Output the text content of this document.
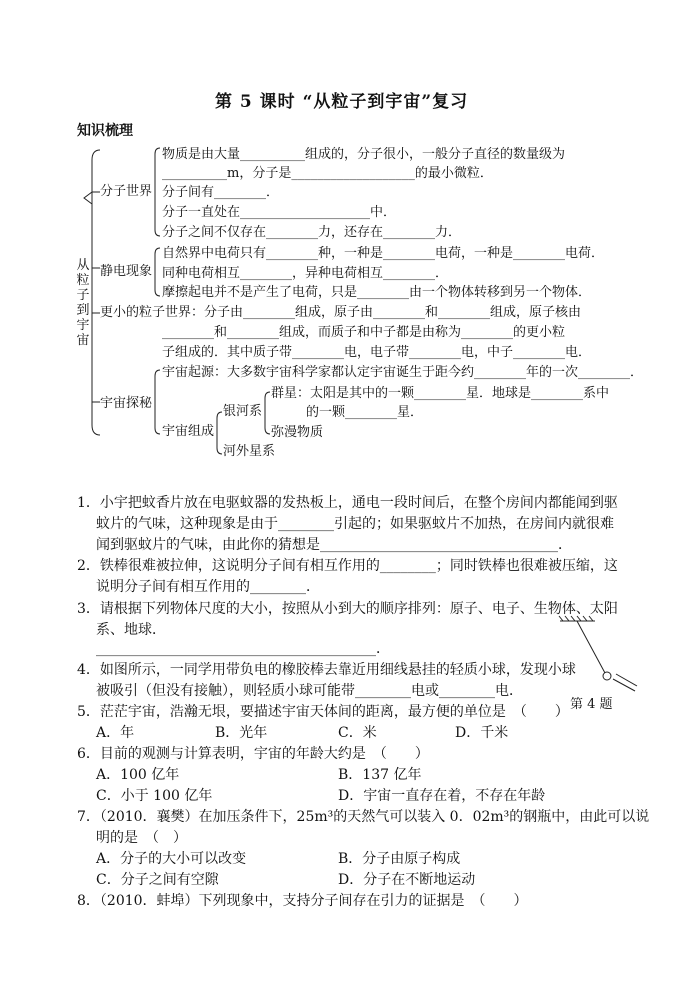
第 5 课时 “从粒子到宇宙”复习
知识梳理
从粒子到宇宙
分子世界
物质是由大量__________组成的，分子很小，一般分子直径的数量级为
__________m，分子是___________________的最小微粒．
分子间有________．
分子一直处在____________________中．
分子之间不仅存在________力，还存在________力．
静电现象
自然界中电荷只有________种，一种是________电荷，一种是________电荷．
同种电荷相互________，异种电荷相互________．
摩擦起电并不是产生了电荷，只是________由一个物体转移到另一个物体．
更小的粒子世界：分子由________组成，原子由________和________组成，原子核由
________和________组成，而质子和中子都是由称为________的更小粒
子组成的．其中质子带________电，电子带________电，中子________电．
宇宙探秘
宇宙起源：大多数宇宙科学家都认定宇宙诞生于距今约________年的一次________．
宇宙组成
银河系
群星：太阳是其中的一颗________星．地球是________系中
的一颗________星．
弥漫物质
河外星系
1．小宇把蚊香片放在电驱蚊器的发热板上，通电一段时间后，在整个房间内都能闻到驱
蚊片的气味，这种现象是由于________引起的；如果驱蚊片不加热，在房间内就很难
闻到驱蚊片的气味，由此你的猜想是__________________________________．
2．铁棒很难被拉伸，这说明分子间有相互作用的________；同时铁棒也很难被压缩，这
说明分子间有相互作用的________．
3．请根据下列物体尺度的大小，按照从小到大的顺序排列：原子、电子、生物体、太阳
系、地球．
________________________________________．
4．如图所示，一同学用带负电的橡胶棒去靠近用细线悬挂的轻质小球，发现小球
被吸引（但没有接触），则轻质小球可能带________电或________电．
第 4 题
5．茫茫宇宙，浩瀚无垠，要描述宇宙天体间的距离，最方便的单位是　（　　）
A．年	B．光年	C．米	D．千米
6．目前的观测与计算表明，宇宙的年龄大约是　（　　）
A．100 亿年	B．137 亿年
C．小于 100 亿年	D．宇宙一直存在着，不存在年龄
7．（2010．襄樊）在加压条件下，25m³的天然气可以装入 0．02m³的钢瓶中，由此可以说
明的是　（　）
A．分子的大小可以改变	B．分子由原子构成
C．分子之间有空隙	D．分子在不断地运动
8．（2010．蚌埠）下列现象中，支持分子间存在引力的证据是　（　　）
